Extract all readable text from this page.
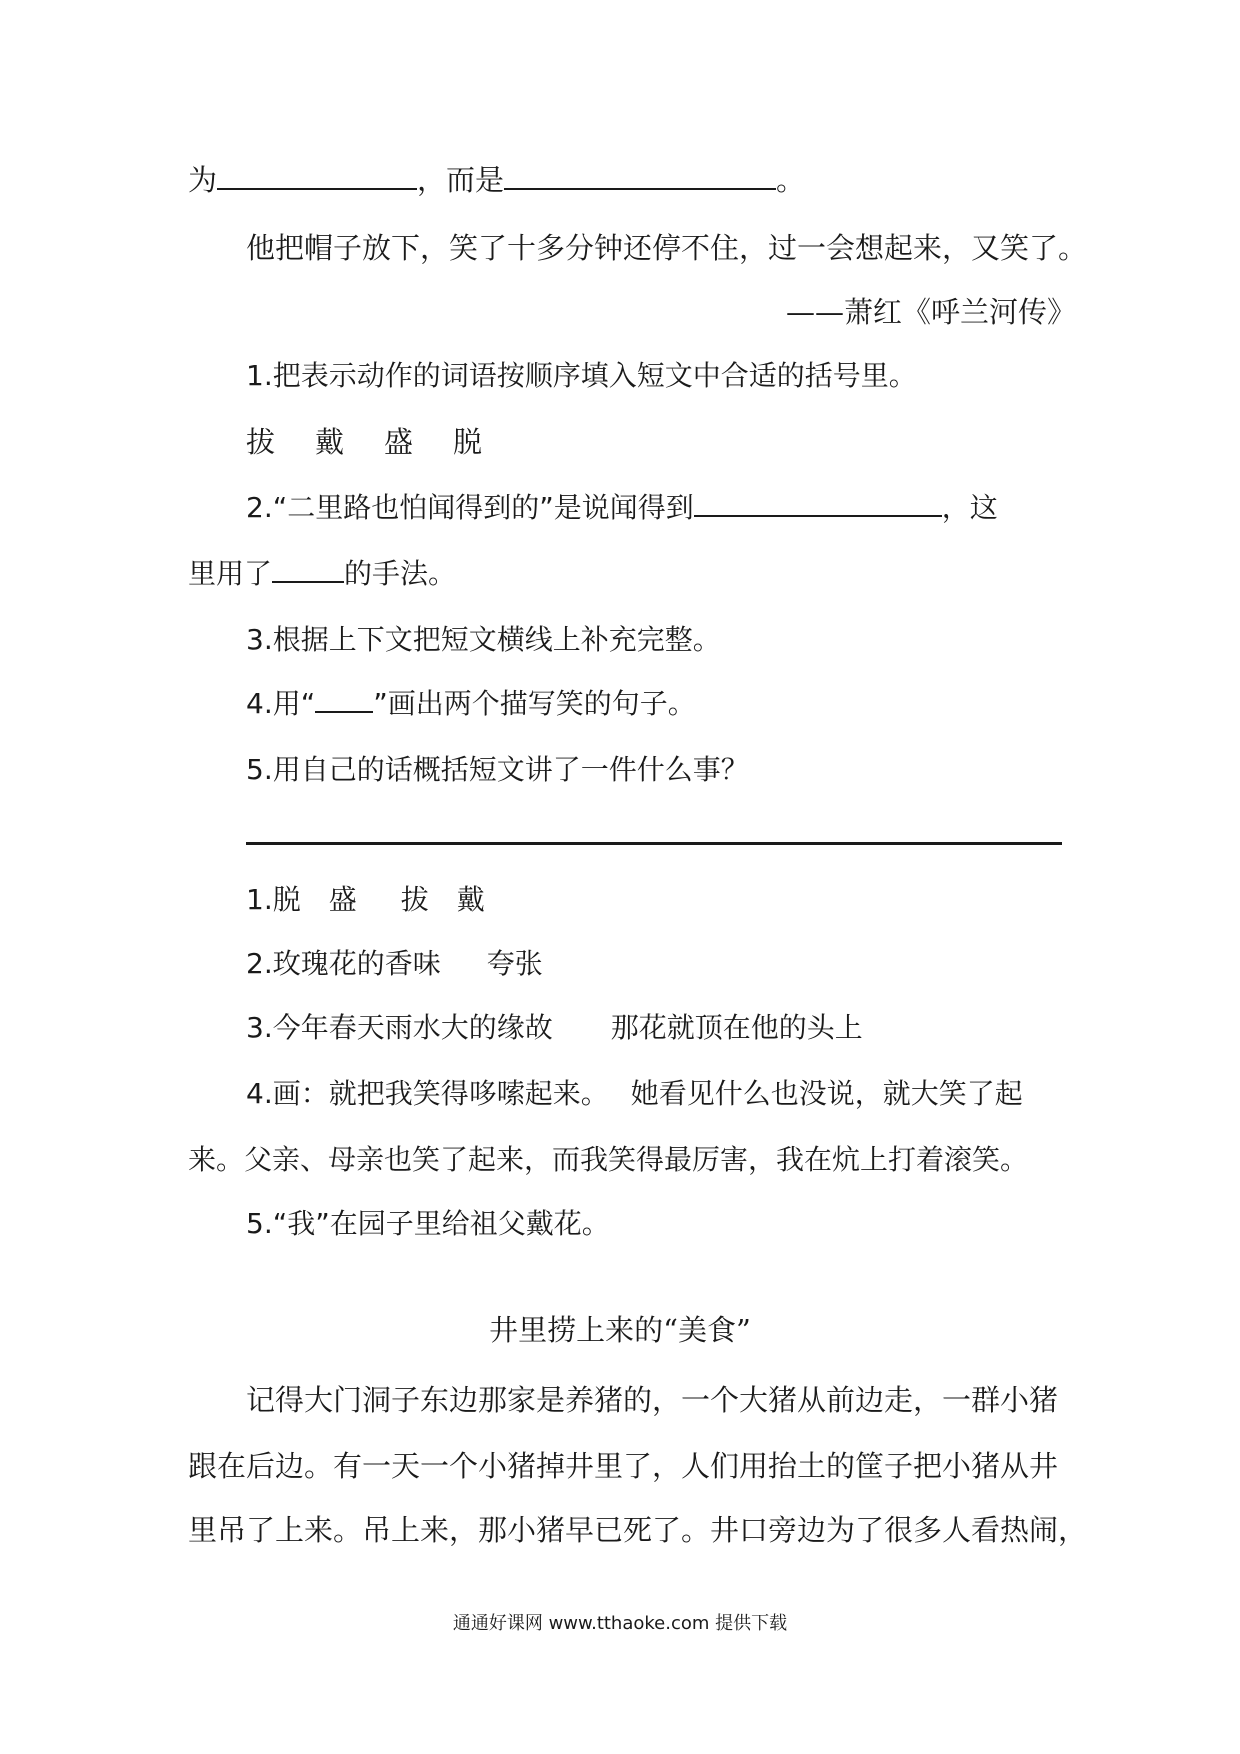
为	，而是	。
他把帽子放下，笑了十多分钟还停不住，过一会想起来，又笑了。
——萧红《呼兰河传》
1.把表示动作的词语按顺序填入短文中合适的括号里。
拔 戴 盛 脱
2.“二里路也怕闻得到的”是说闻得到	，这
里用了	的手法。
3.根据上下文把短文横线上补充完整。
4.用“ ”画出两个描写笑的句子。
5.用自己的话概括短文讲了一件什么事？
1.脱 盛 拔 戴
2.玫瑰花的香味 夸张
3.今年春天雨水大的缘故 那花就顶在他的头上
4.画：就把我笑得哆嗦起来。 她看见什么也没说，就大笑了起
来。父亲、母亲也笑了起来，而我笑得最厉害，我在炕上打着滚笑。
5.“我”在园子里给祖父戴花。
井里捞上来的“美食”
记得大门洞子东边那家是养猪的，一个大猪从前边走，一群小猪
跟在后边。有一天一个小猪掉井里了，人们用抬土的筐子把小猪从井
里吊了上来。吊上来，那小猪早已死了。井口旁边为了很多人看热闹，
通通好课网 www.tthaoke.com 提供下载
